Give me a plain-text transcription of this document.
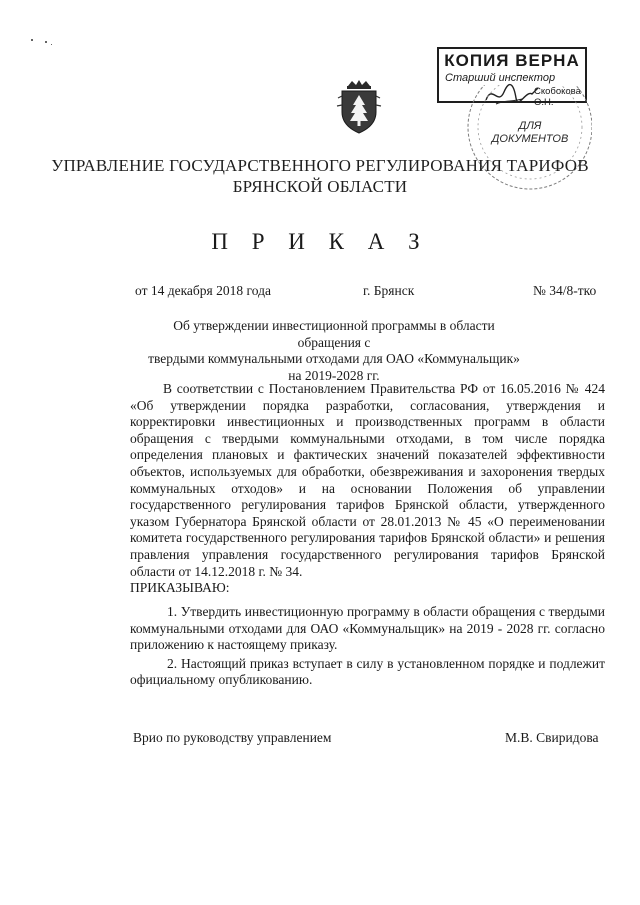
КОПИЯ ВЕРНА
Старший инспектор
Скобокова О.Н.
ДЛЯ
ДОКУМЕНТОВ
УПРАВЛЕНИЕ ГОСУДАРСТВЕННОГО РЕГУЛИРОВАНИЯ ТАРИФОВ
БРЯНСКОЙ ОБЛАСТИ
П Р И К А З
от 14 декабря 2018 года	г. Брянск	№ 34/8-тко
Об утверждении инвестиционной программы в области обращения с
твердыми коммунальными отходами для ОАО «Коммунальщик»
на 2019-2028 гг.

В соответствии с Постановлением Правительства РФ от 16.05.2016 № 424 «Об утверждении порядка разработки, согласования, утверждения и корректировки инвестиционных и производственных программ в области обращения с твердыми коммунальными отходами, в том числе порядка определения плановых и фактических значений показателей эффективности объектов, используемых для обработки, обезвреживания и захоронения твердых коммунальных отходов» и на основании Положения об управлении государственного регулирования тарифов Брянской области, утвержденного указом Губернатора Брянской области от 28.01.2013 № 45 «О переименовании комитета государственного регулирования тарифов Брянской области» и решения правления управления государственного регулирования тарифов Брянской области от 14.12.2018 г. № 34.

ПРИКАЗЫВАЮ:

1. Утвердить инвестиционную программу в области обращения с твердыми коммунальными отходами для ОАО «Коммунальщик» на 2019 - 2028 гг. согласно приложению к настоящему приказу.

2. Настоящий приказ вступает в силу в установленном порядке и подлежит официальному опубликованию.

Врио по руководству управлением	М.В. Свиридова
